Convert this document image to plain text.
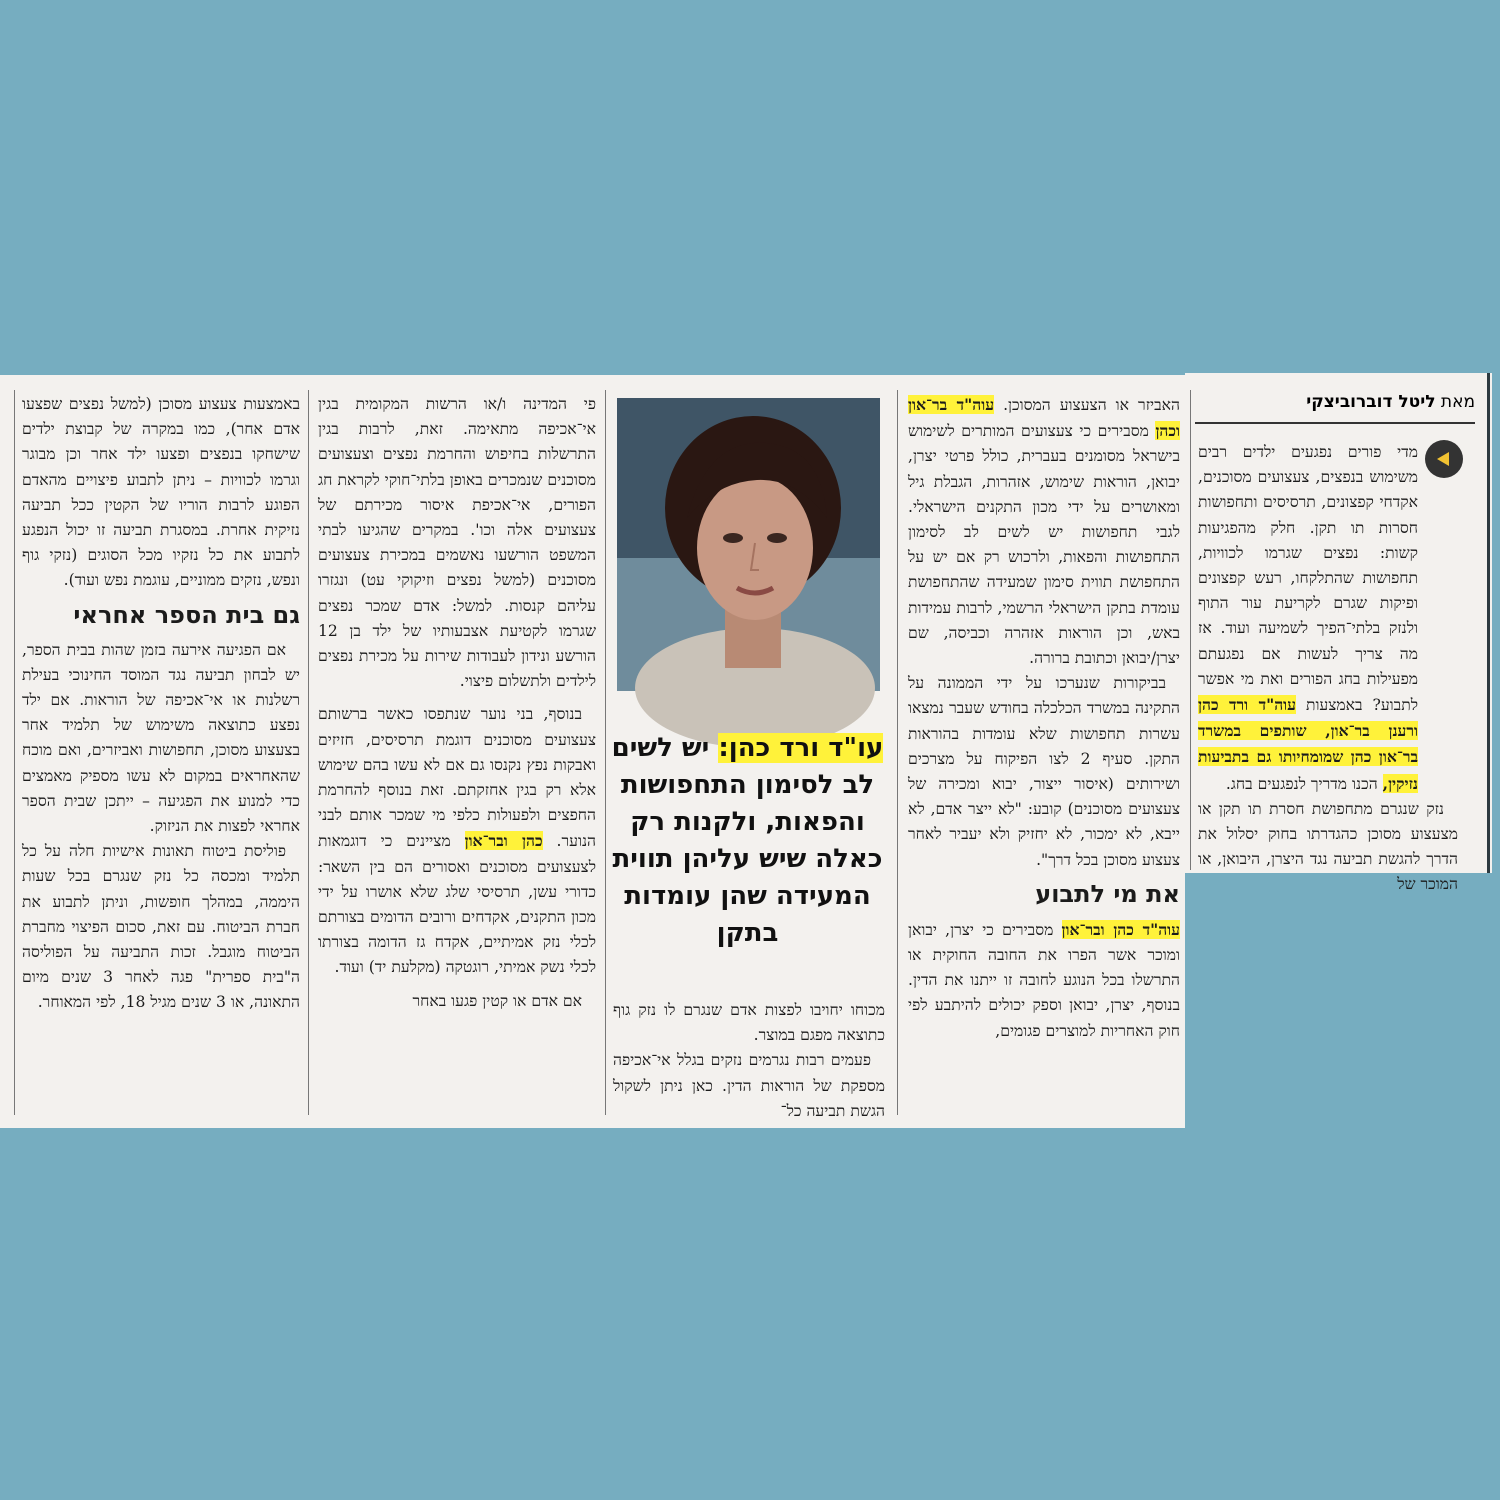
מאת ליטל דוברוביצקי

מדי פורים נפגעים ילדים רבים משימוש בנפצים, צעצועים מסוכנים, אקדחי קפצונים, תרסיסים ותחפושות חסרות תו תקן. חלק מהפגיעות קשות: נפצים שגרמו לכוויות, תחפושות שהתלקחו, רעש קפצונים ופיקות שגרם לקריעת עור התוף ולנזק בלתי־הפיך לשמיעה ועוד. אז מה צריך לעשות אם נפגעתם מפעילות בחג הפורים ואת מי אפשר לתבוע? באמצעות עוה"ד ורד כהן ורענן בר־און, שותפים במשרד בר־און כהן שמומחיותו גם בתביעות נזיקין, הכנו מדריך לנפגעים בחג.

נזק שנגרם מתחפושת חסרת תו תקן או מצעצוע מסוכן כהגדרתו בחוק יסלול את הדרך להגשת תביעה נגד היצרן, היבואן, או המוכר של

האביזר או הצעצוע המסוכן. עוה"ד בר־און וכהן מסבירים כי צעצועים המותרים לשימוש בישראל מסומנים בעברית, כולל פרטי יצרן, יבואן, הוראות שימוש, אזהרות, הגבלת גיל ומאושרים על ידי מכון התקנים הישראלי. לגבי תחפושות יש לשים לב לסימון התחפושות והפאות, ולרכוש רק אם יש על התחפושת תווית סימון שמעידה שהתחפושת עומדת בתקן הישראלי הרשמי, לרבות עמידות באש, וכן הוראות אזהרה וכביסה, שם יצרן/יבואן וכתובת ברורה.

בביקורות שנערכו על ידי הממונה על התקינה במשרד הכלכלה בחודש שעבר נמצאו עשרות תחפושות שלא עומדות בהוראות התקן. סעיף 2 לצו הפיקוח על מצרכים ושירותים (איסור ייצור, יבוא ומכירה של צעצועים מסוכנים) קובע: "לא ייצר אדם, לא ייבא, לא ימכור, לא יחזיק ולא יעביר לאחר צעצוע מסוכן בכל דרך".

את מי לתבוע

עוה"ד כהן ובר־און מסבירים כי יצרן, יבואן ומוכר אשר הפרו את החובה החוקית או התרשלו בכל הנוגע לחובה זו ייתנו את הדין. בנוסף, יצרן, יבואן וספק יכולים להיתבע לפי חוק האחריות למוצרים פגומים,

עו"ד ורד כהן: יש לשים לב לסימון התחפושות והפאות, ולקנות רק כאלה שיש עליהן תווית המעידה שהן עומדות בתקן

מכוחו יחויבו לפצות אדם שנגרם לו נזק גוף כתוצאה מפגם במוצר.

פעמים רבות נגרמים נזקים בגלל אי־אכיפה מספקת של הוראות הדין. כאן ניתן לשקול הגשת תביעה כל־

פי המדינה ו/או הרשות המקומית בגין אי־אכיפה מתאימה. זאת, לרבות בגין התרשלות בחיפוש והחרמת נפצים וצעצועים מסוכנים שנמכרים באופן בלתי־חוקי לקראת חג הפורים, אי־אכיפת איסור מכירתם של צעצועים אלה וכו'. במקרים שהגיעו לבתי המשפט הורשעו נאשמים במכירת צעצועים מסוכנים (למשל נפצים וזיקוקי עט) ונגזרו עליהם קנסות. למשל: אדם שמכר נפצים שגרמו לקטיעת אצבעותיו של ילד בן 12 הורשע ונידון לעבודות שירות על מכירת נפצים לילדים ולתשלום פיצוי.

בנוסף, בני נוער שנתפסו כאשר ברשותם צעצועים מסוכנים דוגמת תרסיסים, חזיזים ואבקות נפץ נקנסו גם אם לא עשו בהם שימוש אלא רק בגין אחזקתם. זאת בנוסף להחרמת החפצים ולפעולות כלפי מי שמכר אותם לבני הנוער. כהן ובר־און מציינים כי דוגמאות לצעצועים מסוכנים ואסורים הם בין השאר: כדורי עשן, תרסיסי שלג שלא אושרו על ידי מכון התקנים, אקדחים ורובים הדומים בצורתם לכלי נזק אמיתיים, אקדח גז הדומה בצורתו לכלי נשק אמיתי, רוגטקה (מקלעת יד) ועוד.

אם אדם או קטין פגעו באחר

באמצעות צעצוע מסוכן (למשל נפצים שפצעו אדם אחר), כמו במקרה של קבוצת ילדים שישחקו בנפצים ופצעו ילד אחר וכן מבוגר וגרמו לכוויות – ניתן לתבוע פיצויים מהאדם הפוגע לרבות הוריו של הקטין ככל תביעה נזיקית אחרת. במסגרת תביעה זו יכול הנפגע לתבוע את כל נזקיו מכל הסוגים (נזקי גוף ונפש, נזקים ממוניים, עוגמת נפש ועוד).

גם בית הספר אחראי

אם הפגיעה אירעה בזמן שהות בבית הספר, יש לבחון תביעה נגד המוסד החינוכי בעילת רשלנות או אי־אכיפה של הוראות. אם ילד נפצע כתוצאה משימוש של תלמיד אחר בצעצוע מסוכן, תחפושות ואביזרים, ואם מוכח שהאחראים במקום לא עשו מספיק מאמצים כדי למנוע את הפגיעה – ייתכן שבית הספר אחראי לפצות את הניזוק.

פוליסת ביטוח תאונות אישיות חלה על כל תלמיד ומכסה כל נזק שנגרם בכל שעות היממה, במהלך חופשות, וניתן לתבוע את חברת הביטוח. עם זאת, סכום הפיצוי מחברת הביטוח מוגבל. זכות התביעה על הפוליסה ה"בית ספרית" פגה לאחר 3 שנים מיום התאונה, או 3 שנים מגיל 18, לפי המאוחר.
